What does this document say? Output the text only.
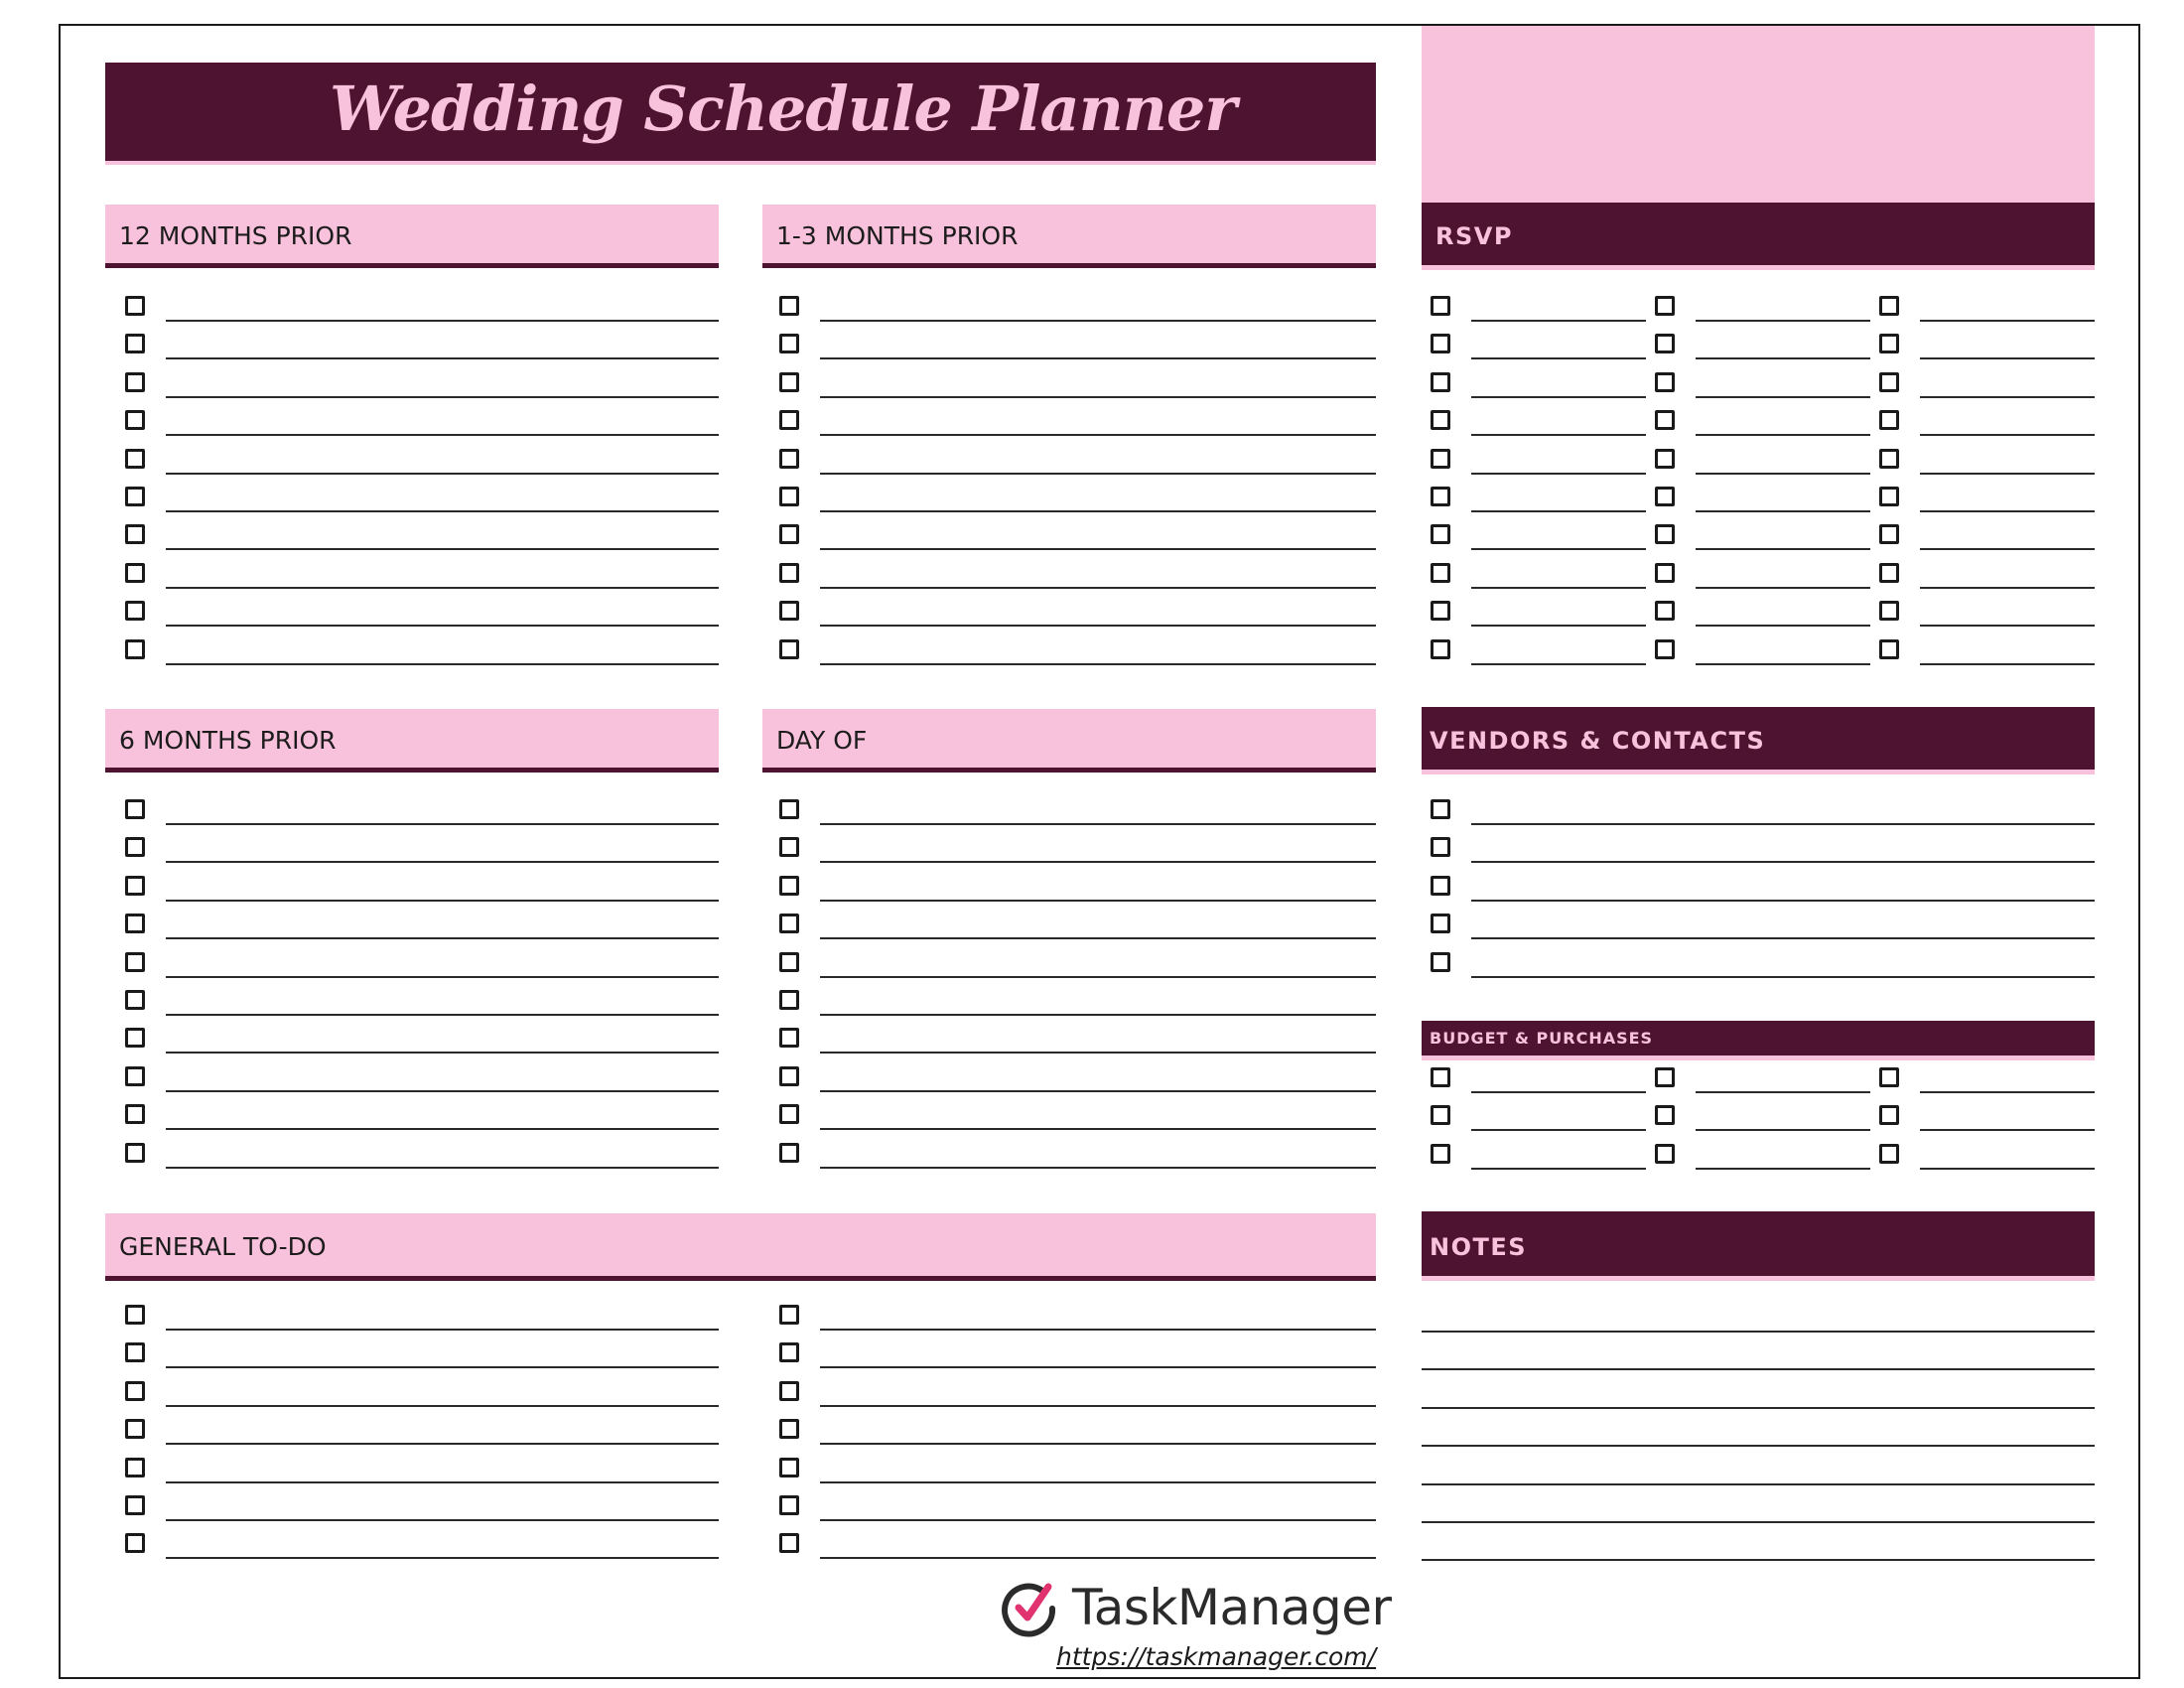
Wedding Schedule Planner
12 MONTHS PRIOR	1-3 MONTHS PRIOR
6 MONTHS PRIOR	DAY OF
GENERAL TO-DO
RSVP
VENDORS & CONTACTS
BUDGET & PURCHASES
NOTES
TaskManager
https://taskmanager.com/
